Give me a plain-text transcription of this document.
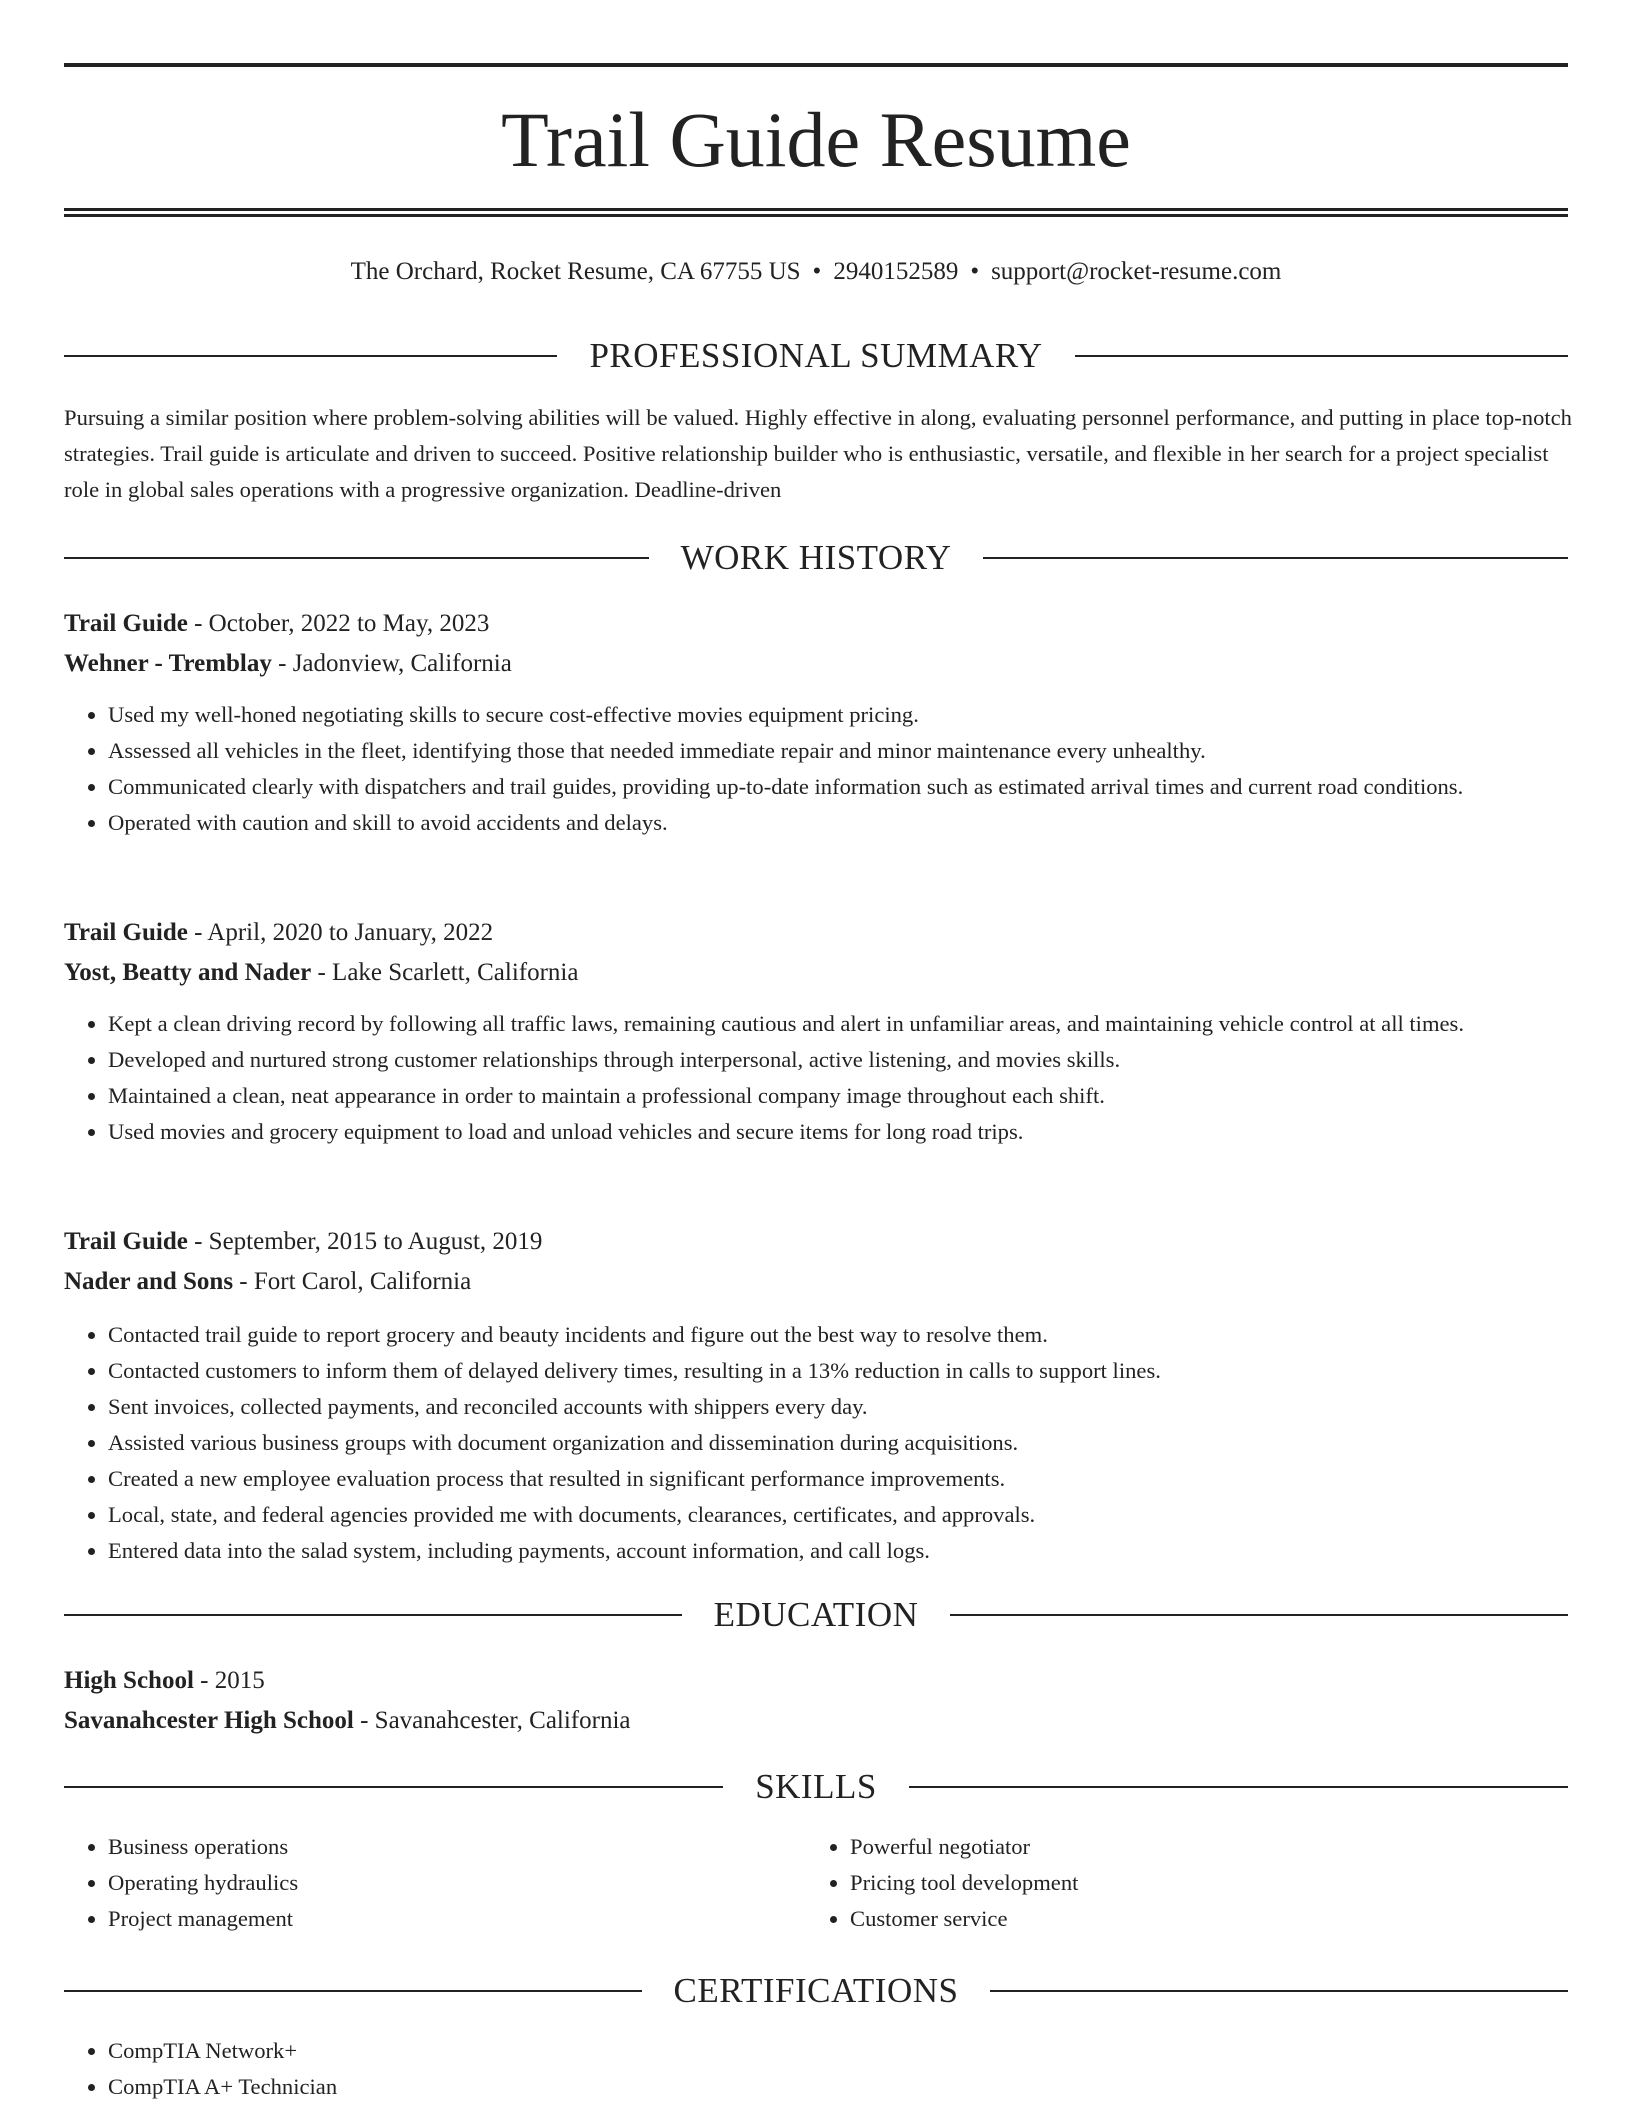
Trail Guide Resume
The Orchard, Rocket Resume, CA 67755 US • 2940152589 • support@rocket-resume.com
PROFESSIONAL SUMMARY
Pursuing a similar position where problem-solving abilities will be valued. Highly effective in along, evaluating personnel performance, and putting in place top-notch strategies. Trail guide is articulate and driven to succeed. Positive relationship builder who is enthusiastic, versatile, and flexible in her search for a project specialist role in global sales operations with a progressive organization. Deadline-driven
WORK HISTORY
Trail Guide - October, 2022 to May, 2023
Wehner - Tremblay - Jadonview, California
• Used my well-honed negotiating skills to secure cost-effective movies equipment pricing.
• Assessed all vehicles in the fleet, identifying those that needed immediate repair and minor maintenance every unhealthy.
• Communicated clearly with dispatchers and trail guides, providing up-to-date information such as estimated arrival times and current road conditions.
• Operated with caution and skill to avoid accidents and delays.
Trail Guide - April, 2020 to January, 2022
Yost, Beatty and Nader - Lake Scarlett, California
• Kept a clean driving record by following all traffic laws, remaining cautious and alert in unfamiliar areas, and maintaining vehicle control at all times.
• Developed and nurtured strong customer relationships through interpersonal, active listening, and movies skills.
• Maintained a clean, neat appearance in order to maintain a professional company image throughout each shift.
• Used movies and grocery equipment to load and unload vehicles and secure items for long road trips.
Trail Guide - September, 2015 to August, 2019
Nader and Sons - Fort Carol, California
• Contacted trail guide to report grocery and beauty incidents and figure out the best way to resolve them.
• Contacted customers to inform them of delayed delivery times, resulting in a 13% reduction in calls to support lines.
• Sent invoices, collected payments, and reconciled accounts with shippers every day.
• Assisted various business groups with document organization and dissemination during acquisitions.
• Created a new employee evaluation process that resulted in significant performance improvements.
• Local, state, and federal agencies provided me with documents, clearances, certificates, and approvals.
• Entered data into the salad system, including payments, account information, and call logs.
EDUCATION
High School - 2015
Savanahcester High School - Savanahcester, California
SKILLS
• Business operations
• Operating hydraulics
• Project management
• Powerful negotiator
• Pricing tool development
• Customer service
CERTIFICATIONS
• CompTIA Network+
• CompTIA A+ Technician
